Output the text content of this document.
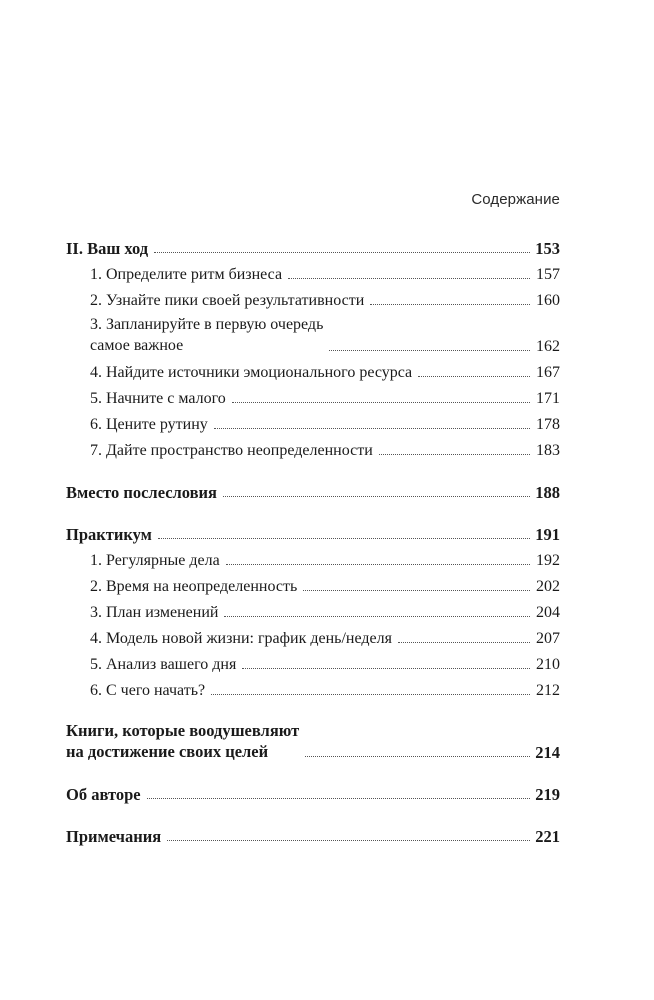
Содержание
II. Ваш ход	153
1. Определите ритм бизнеса	157
2. Узнайте пики своей результативности	160
3. Запланируйте в первую очередь
самое важное	162
4. Найдите источники эмоционального ресурса	167
5. Начните с малого	171
6. Цените рутину	178
7. Дайте пространство неопределенности	183
Вместо послесловия	188
Практикум	191
1. Регулярные дела	192
2. Время на неопределенность	202
3. План изменений	204
4. Модель новой жизни: график день/неделя	207
5. Анализ вашего дня	210
6. С чего начать?	212
Книги, которые воодушевляют
на достижение своих целей	214
Об авторе	219
Примечания	221
